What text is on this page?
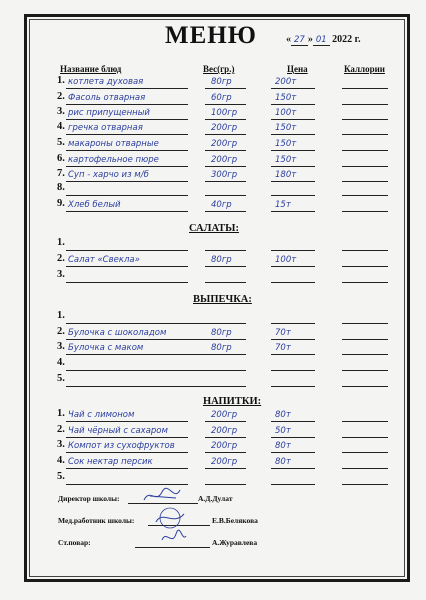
МЕНЮ	« 27 » 01 2022 г.
Название блюд	Вес(гр.)	Цена	Каллории
1. котлета духовая	80гр	200т
2. Фасоль отварная	60гр	150т
3. рис припущенный	100гр	100т
4. гречка отварная	200гр	150т
5. макароны отварные	200гр	150т
6. картофельное пюре	200гр	150т
7. Суп - харчо из м/б	300гр	180т
8.
9. Хлеб белый	40гр	15т
1.
2. Салат «Свекла»	80гр	100т
3.
1.
2. Булочка с шоколадом	80гр	70т
3. Булочка с маком	80гр	70т
4.
5.
1. Чай с лимоном	200гр	80т
2. Чай чёрный с сахаром	200гр	50т
3. Компот из сухофруктов	200гр	80т
4. Сок нектар персик	200гр	80т
5.
САЛАТЫ:
ВЫПЕЧКА:
НАПИТКИ:
Директор школы:	А.Д.Дулат
Мед.работник школы:	Е.В.Белякова
Ст.повар:	А.Журавлева
